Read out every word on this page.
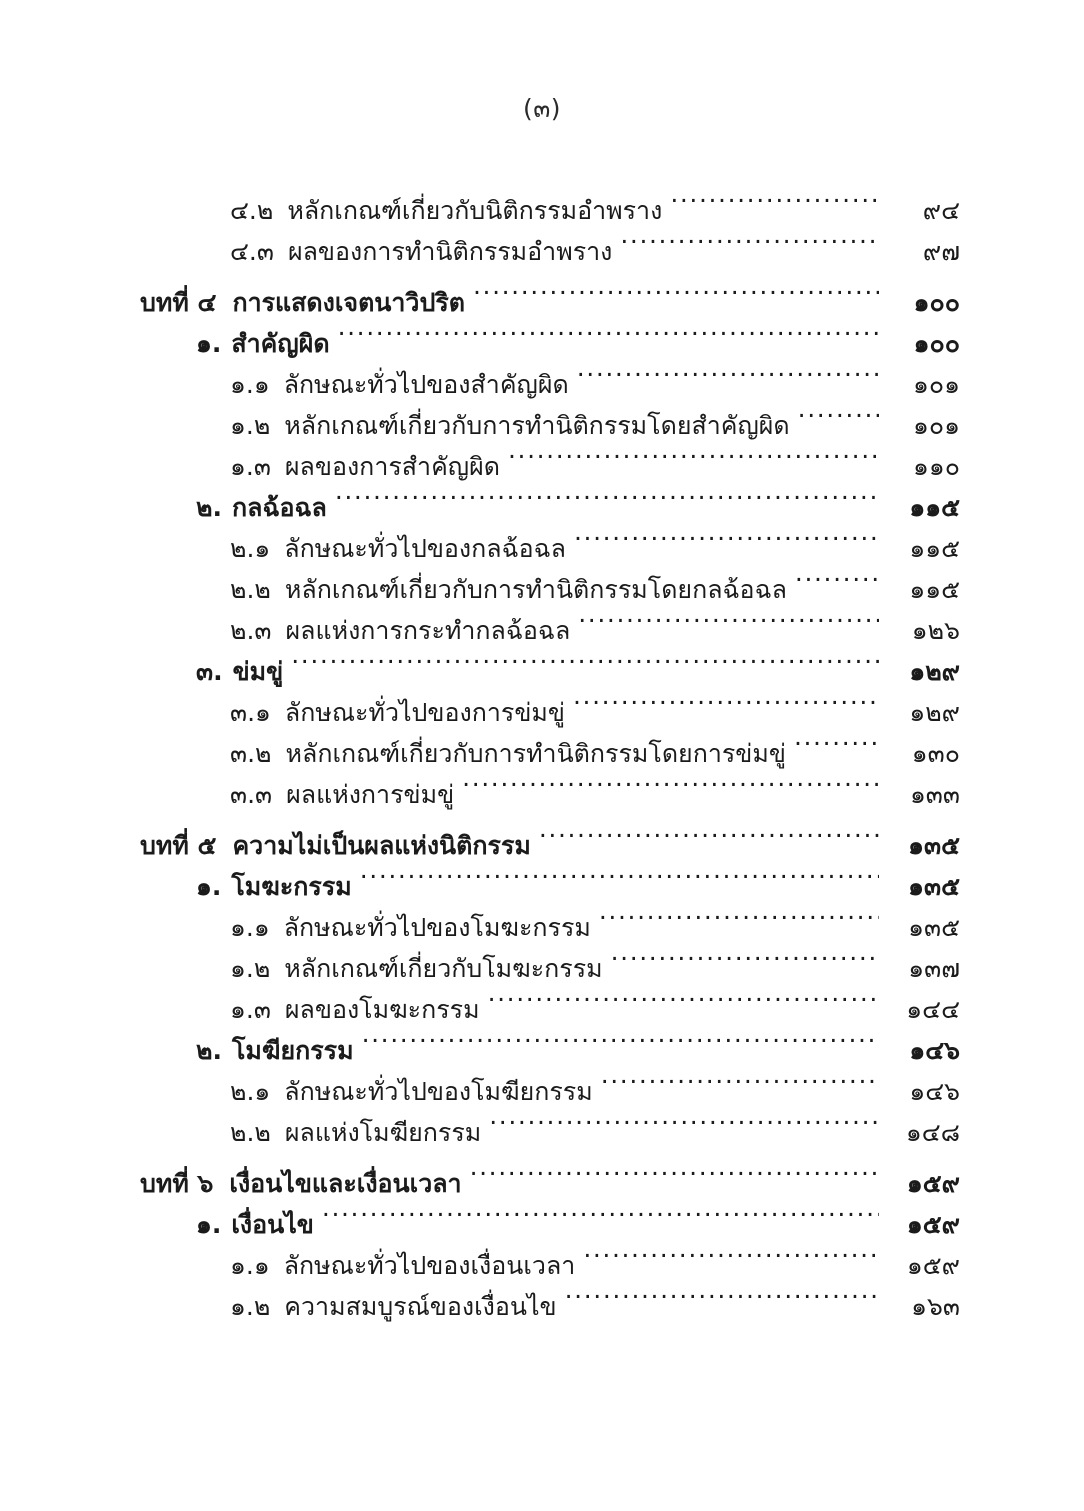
(๓)
๔.๒ หลักเกณฑ์เกี่ยวกับนิติกรรมอำพราง .....	๙๔
๔.๓ ผลของการทำนิติกรรมอำพราง .....	๙๗
บทที่ ๔ การแสดงเจตนาวิปริต .....	๑๐๐
๑. สำคัญผิด .....	๑๐๐
๑.๑ ลักษณะทั่วไปของสำคัญผิด .....	๑๐๑
๑.๒ หลักเกณฑ์เกี่ยวกับการทำนิติกรรมโดยสำคัญผิด .....	๑๐๑
๑.๓ ผลของการสำคัญผิด .....	๑๑๐
๒. กลฉ้อฉล .....	๑๑๕
๒.๑ ลักษณะทั่วไปของกลฉ้อฉล .....	๑๑๕
๒.๒ หลักเกณฑ์เกี่ยวกับการทำนิติกรรมโดยกลฉ้อฉล .....	๑๑๕
๒.๓ ผลแห่งการกระทำกลฉ้อฉล .....	๑๒๖
๓. ข่มขู่ .....	๑๒๙
๓.๑ ลักษณะทั่วไปของการข่มขู่ .....	๑๒๙
๓.๒ หลักเกณฑ์เกี่ยวกับการทำนิติกรรมโดยการข่มขู่ .....	๑๓๐
๓.๓ ผลแห่งการข่มขู่ .....	๑๓๓
บทที่ ๕ ความไม่เป็นผลแห่งนิติกรรม .....	๑๓๕
๑. โมฆะกรรม .....	๑๓๕
๑.๑ ลักษณะทั่วไปของโมฆะกรรม .....	๑๓๕
๑.๒ หลักเกณฑ์เกี่ยวกับโมฆะกรรม .....	๑๓๗
๑.๓ ผลของโมฆะกรรม .....	๑๔๔
๒. โมฆียกรรม .....	๑๔๖
๒.๑ ลักษณะทั่วไปของโมฆียกรรม .....	๑๔๖
๒.๒ ผลแห่งโมฆียกรรม .....	๑๔๘
บทที่ ๖ เงื่อนไขและเงื่อนเวลา .....	๑๕๙
๑. เงื่อนไข .....	๑๕๙
๑.๑ ลักษณะทั่วไปของเงื่อนเวลา .....	๑๕๙
๑.๒ ความสมบูรณ์ของเงื่อนไข .....	๑๖๓
